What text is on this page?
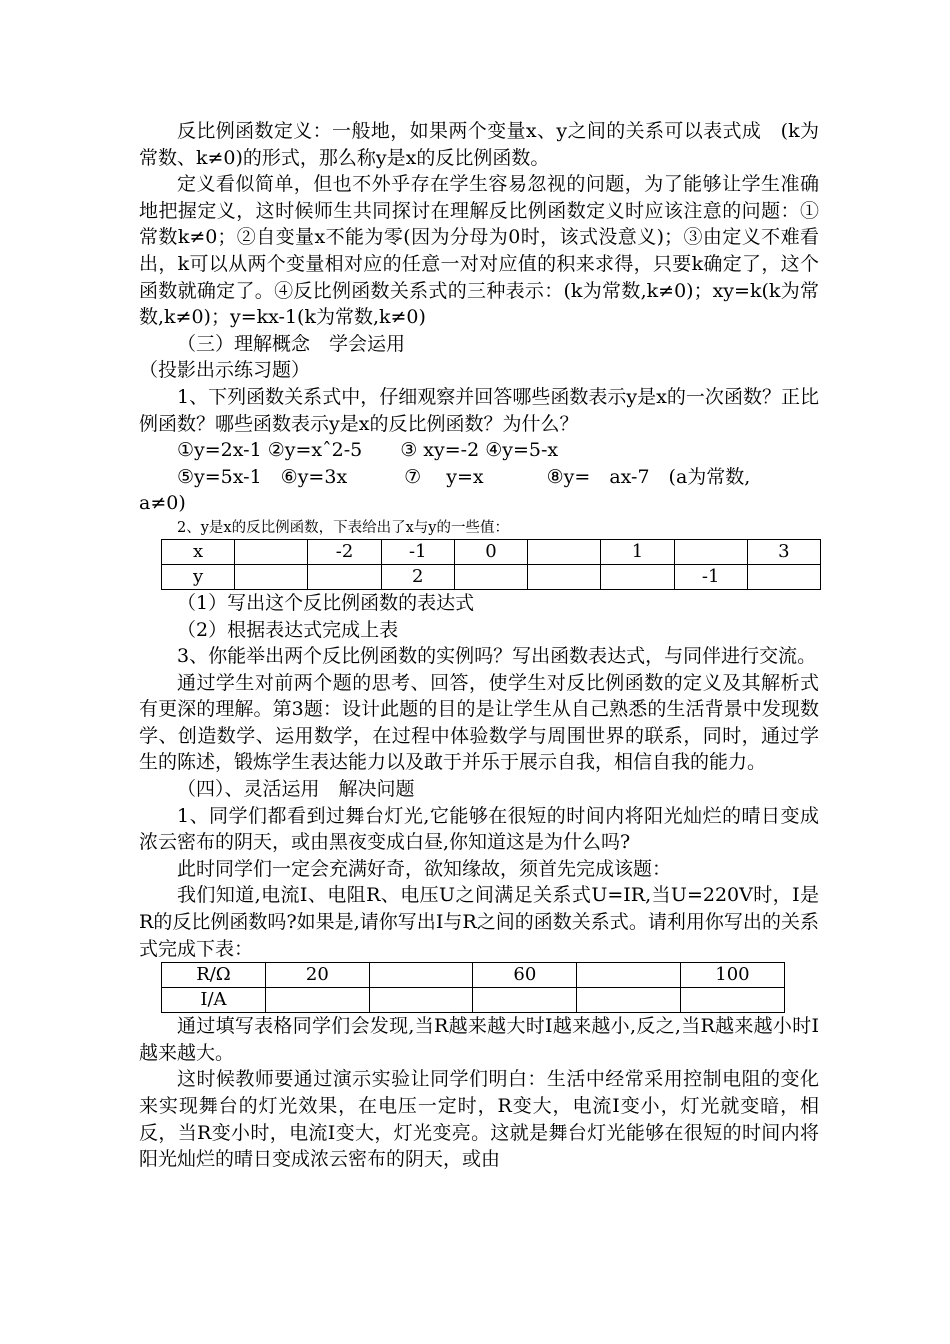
反比例函数定义：一般地，如果两个变量x、y之间的关系可以表式成　(k为常数、k≠0)的形式，那么称y是x的反比例函数。

定义看似简单，但也不外乎存在学生容易忽视的问题，为了能够让学生准确地把握定义，这时候师生共同探讨在理解反比例函数定义时应该注意的问题：①常数k≠0；②自变量x不能为零(因为分母为0时，该式没意义)；③由定义不难看出，k可以从两个变量相对应的任意一对对应值的积来求得，只要k确定了，这个函数就确定了。④反比例函数关系式的三种表示：(k为常数,k≠0)；xy=k(k为常数,k≠0)；y=kx-1(k为常数,k≠0)

（三）理解概念　学会运用

（投影出示练习题）

1、下列函数关系式中，仔细观察并回答哪些函数表示y是x的一次函数？正比例函数？哪些函数表示y是x的反比例函数？为什么？

①y=2x-1 ②y=xˆ2-5　　③ xy=-2 ④y=5-x

⑤y=5x-1　⑥y=3x　　　⑦　 y=x　　　 ⑧y=　ax-7　(a为常数,

a≠0)

2、y是x的反比例函数，下表给出了x与y的一些值：

x		-2	-1	0		1		3
y			2				-1	

（1）写出这个反比例函数的表达式

（2）根据表达式完成上表

3、你能举出两个反比例函数的实例吗？写出函数表达式，与同伴进行交流。

通过学生对前两个题的思考、回答，使学生对反比例函数的定义及其解析式有更深的理解。第3题：设计此题的目的是让学生从自己熟悉的生活背景中发现数学、创造数学、运用数学，在过程中体验数学与周围世界的联系，同时，通过学生的陈述，锻炼学生表达能力以及敢于并乐于展示自我，相信自我的能力。

（四）、灵活运用　解决问题

1、同学们都看到过舞台灯光,它能够在很短的时间内将阳光灿烂的晴日变成浓云密布的阴天，或由黑夜变成白昼,你知道这是为什么吗?

此时同学们一定会充满好奇，欲知缘故，须首先完成该题：

我们知道,电流I、电阻R、电压U之间满足关系式U=IR,当U=220V时，I是R的反比例函数吗?如果是,请你写出I与R之间的函数关系式。请利用你写出的关系式完成下表：

R/Ω	20		60		100
I/A					

通过填写表格同学们会发现,当R越来越大时I越来越小,反之,当R越来越小时I越来越大。

这时候教师要通过演示实验让同学们明白：生活中经常采用控制电阻的变化来实现舞台的灯光效果，在电压一定时，R变大，电流I变小，灯光就变暗，相反，当R变小时，电流I变大，灯光变亮。这就是舞台灯光能够在很短的时间内将阳光灿烂的晴日变成浓云密布的阴天，或由
